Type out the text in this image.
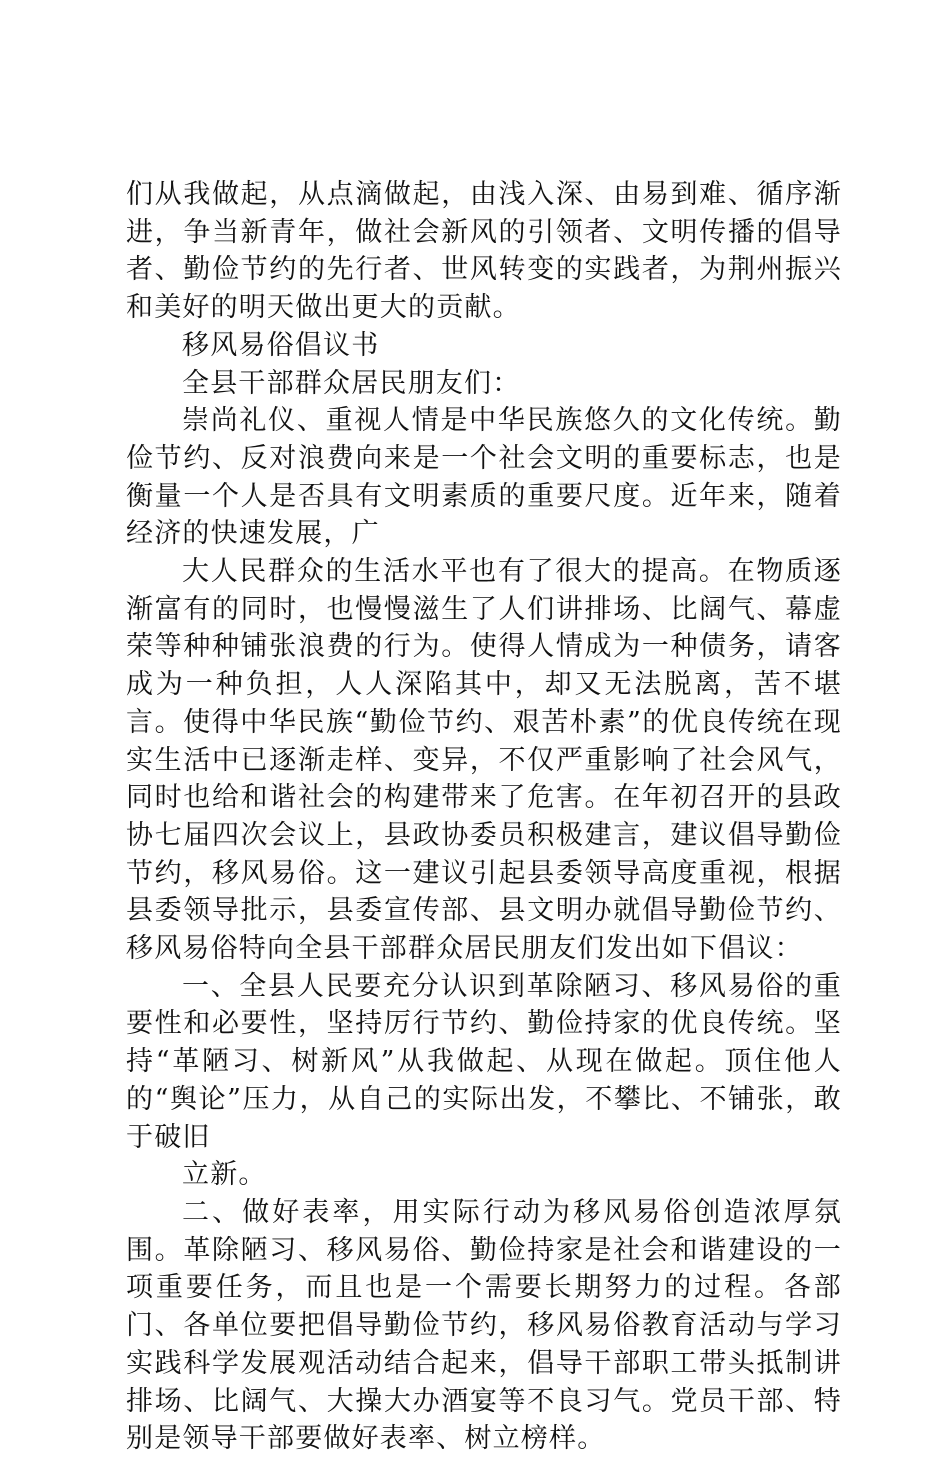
们从我做起，从点滴做起，由浅入深、由易到难、循序渐进，争当新青年，做社会新风的引领者、文明传播的倡导者、勤俭节约的先行者、世风转变的实践者，为荆州振兴和美好的明天做出更大的贡献。

移风易俗倡议书

全县干部群众居民朋友们：

崇尚礼仪、重视人情是中华民族悠久的文化传统。勤俭节约、反对浪费向来是一个社会文明的重要标志，也是衡量一个人是否具有文明素质的重要尺度。近年来，随着经济的快速发展，广

大人民群众的生活水平也有了很大的提高。在物质逐渐富有的同时，也慢慢滋生了人们讲排场、比阔气、幕虚荣等种种铺张浪费的行为。使得人情成为一种债务，请客成为一种负担，人人深陷其中，却又无法脱离，苦不堪言。使得中华民族“勤俭节约、艰苦朴素”的优良传统在现实生活中已逐渐走样、变异，不仅严重影响了社会风气，同时也给和谐社会的构建带来了危害。在年初召开的县政协七届四次会议上，县政协委员积极建言，建议倡导勤俭节约，移风易俗。这一建议引起县委领导高度重视，根据县委领导批示，县委宣传部、县文明办就倡导勤俭节约、移风易俗特向全县干部群众居民朋友们发出如下倡议：

一、全县人民要充分认识到革除陋习、移风易俗的重要性和必要性，坚持厉行节约、勤俭持家的优良传统。坚持“革陋习、树新风”从我做起、从现在做起。顶住他人的“舆论”压力，从自己的实际出发，不攀比、不铺张，敢于破旧

立新。

二、做好表率，用实际行动为移风易俗创造浓厚氛围。革除陋习、移风易俗、勤俭持家是社会和谐建设的一项重要任务，而且也是一个需要长期努力的过程。各部门、各单位要把倡导勤俭节约，移风易俗教育活动与学习实践科学发展观活动结合起来，倡导干部职工带头抵制讲排场、比阔气、大操大办酒宴等不良习气。党员干部、特别是领导干部要做好表率、树立榜样。
